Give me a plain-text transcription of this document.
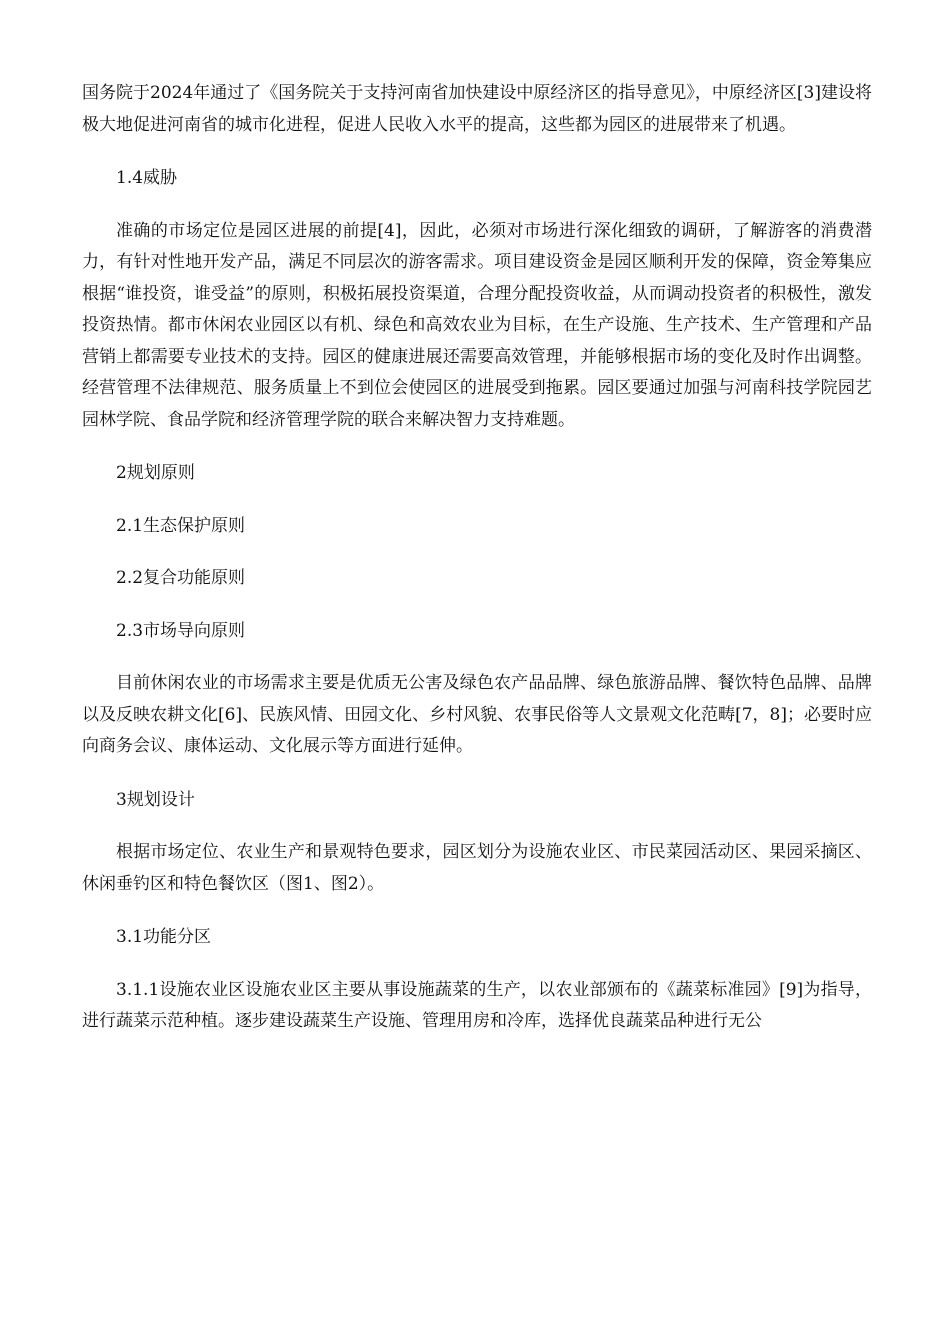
国务院于2024年通过了《国务院关于支持河南省加快建设中原经济区的指导意见》，中原经济区[3]建设将极大地促进河南省的城市化进程，促进人民收入水平的提高，这些都为园区的进展带来了机遇。

1.4威胁

准确的市场定位是园区进展的前提[4]，因此，必须对市场进行深化细致的调研，了解游客的消费潜力，有针对性地开发产品，满足不同层次的游客需求。项目建设资金是园区顺利开发的保障，资金筹集应根据“谁投资，谁受益”的原则，积极拓展投资渠道，合理分配投资收益，从而调动投资者的积极性，激发投资热情。都市休闲农业园区以有机、绿色和高效农业为目标，在生产设施、生产技术、生产管理和产品营销上都需要专业技术的支持。园区的健康进展还需要高效管理，并能够根据市场的变化及时作出调整。经营管理不法律规范、服务质量上不到位会使园区的进展受到拖累。园区要通过加强与河南科技学院园艺园林学院、食品学院和经济管理学院的联合来解决智力支持难题。

2规划原则
2.1生态保护原则
2.2复合功能原则
2.3市场导向原则

目前休闲农业的市场需求主要是优质无公害及绿色农产品品牌、绿色旅游品牌、餐饮特色品牌、品牌以及反映农耕文化[6]、民族风情、田园文化、乡村风貌、农事民俗等人文景观文化范畴[7，8]；必要时应向商务会议、康体运动、文化展示等方面进行延伸。

3规划设计

根据市场定位、农业生产和景观特色要求，园区划分为设施农业区、市民菜园活动区、果园采摘区、休闲垂钓区和特色餐饮区（图1、图2）。

3.1功能分区

3.1.1设施农业区设施农业区主要从事设施蔬菜的生产，以农业部颁布的《蔬菜标准园》[9]为指导，进行蔬菜示范种植。逐步建设蔬菜生产设施、管理用房和冷库，选择优良蔬菜品种进行无公
